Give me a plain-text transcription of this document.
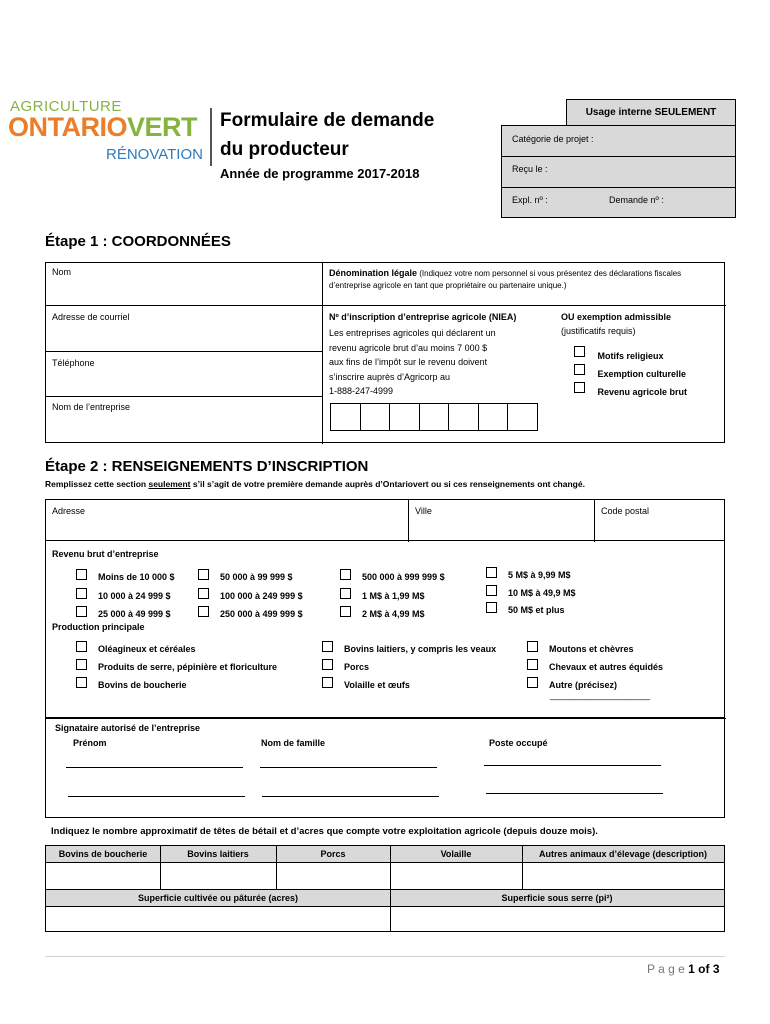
AGRICULTURE
ONTARIOVERT
RÉNOVATION
Formulaire de demande
du producteur
Année de programme 2017-2018
Usage interne SEULEMENT
Catégorie de projet :
Reçu le :
Expl. nº :	Demande nº :
Étape 1 : COORDONNÉES
Nom	Dénomination légale (Indiquez votre nom personnel si vous présentez des déclarations fiscales d’entreprise agricole en tant que propriétaire ou partenaire unique.)
Adresse de courriel
Téléphone
Nom de l’entreprise
Nº d’inscription d’entreprise agricole (NIEA)
Les entreprises agricoles qui déclarent un
revenu agricole brut d’au moins 7 000 $
aux fins de l’impôt sur le revenu doivent
s’inscrire auprès d’Agricorp au
1-888-247-4999
OU exemption admissible
(justificatifs requis)
Motifs religieux
Exemption culturelle
Revenu agricole brut
Étape 2 : RENSEIGNEMENTS D’INSCRIPTION
Remplissez cette section seulement s’il s’agit de votre première demande auprès d’Ontariovert ou si ces renseignements ont changé.
Adresse	Ville	Code postal
Revenu brut d’entreprise
Moins de 10 000 $
10 000 à 24 999 $
25 000 à 49 999 $
50 000 à 99 999 $
100 000 à 249 999 $
250 000 à 499 999 $
500 000 à 999 999 $
1 M$ à 1,99 M$
2 M$ à 4,99 M$
5 M$ à 9,99 M$
10 M$ à 49,9 M$
50 M$ et plus
Production principale
Oléagineux et céréales
Produits de serre, pépinière et floriculture
Bovins de boucherie
Bovins laitiers, y compris les veaux
Porcs
Volaille et œufs
Moutons et chèvres
Chevaux et autres équidés
Autre (précisez)
____________________
Signataire autorisé de l’entreprise
Prénom	Nom de famille	Poste occupé
Indiquez le nombre approximatif de têtes de bétail et d’acres que compte votre exploitation agricole (depuis douze mois).
Bovins de boucherie	Bovins laitiers	Porcs	Volaille	Autres animaux d’élevage (description)
Superficie cultivée ou pâturée (acres)	Superficie sous serre (pi²)
P a g e 1 of 3
